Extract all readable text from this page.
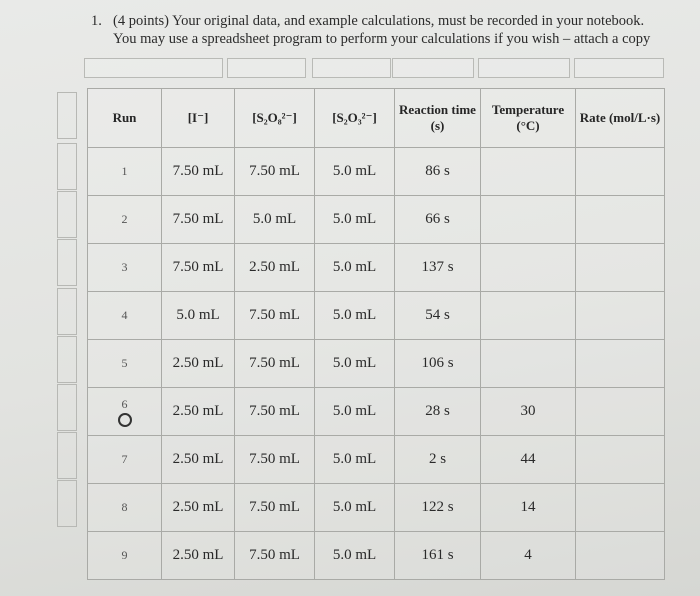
1. (4 points) Your original data, and example calculations, must be recorded in your notebook.
You may use a spreadsheet program to perform your calculations if you wish – attach a copy
Run	[I⁻]	[S₂O₈²⁻]	[S₂O₃²⁻]	Reaction time (s)	Temperature (°C)	Rate (mol/L·s)
1	7.50 mL	7.50 mL	5.0 mL	86 s		
2	7.50 mL	5.0 mL	5.0 mL	66 s		
3	7.50 mL	2.50 mL	5.0 mL	137 s		
4	5.0 mL	7.50 mL	5.0 mL	54 s		
5	2.50 mL	7.50 mL	5.0 mL	106 s		
6	2.50 mL	7.50 mL	5.0 mL	28 s	30	
7	2.50 mL	7.50 mL	5.0 mL	2 s	44	
8	2.50 mL	7.50 mL	5.0 mL	122 s	14	
9	2.50 mL	7.50 mL	5.0 mL	161 s	4	
